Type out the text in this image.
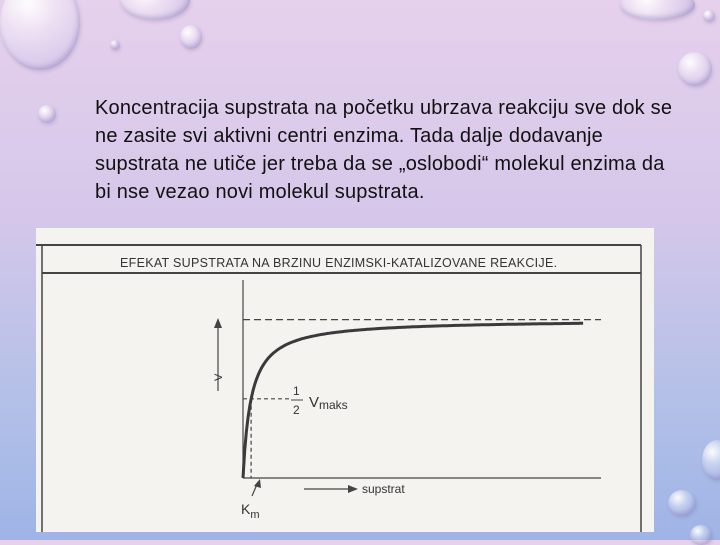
Koncentracija supstrata na početku ubrzava reakciju sve dok se ne zasite svi aktivni centri enzima. Tada dalje dodavanje supstrata ne utiče jer treba da se „oslobodi“ molekul enzima da bi nse vezao novi molekul supstrata.
V
supstrat
1
2 Vmaks
$K_m$
EFEKAT SUPSTRATA NA BRZINU ENZIMSKI-KATALIZOVANE REAKCIJE.
